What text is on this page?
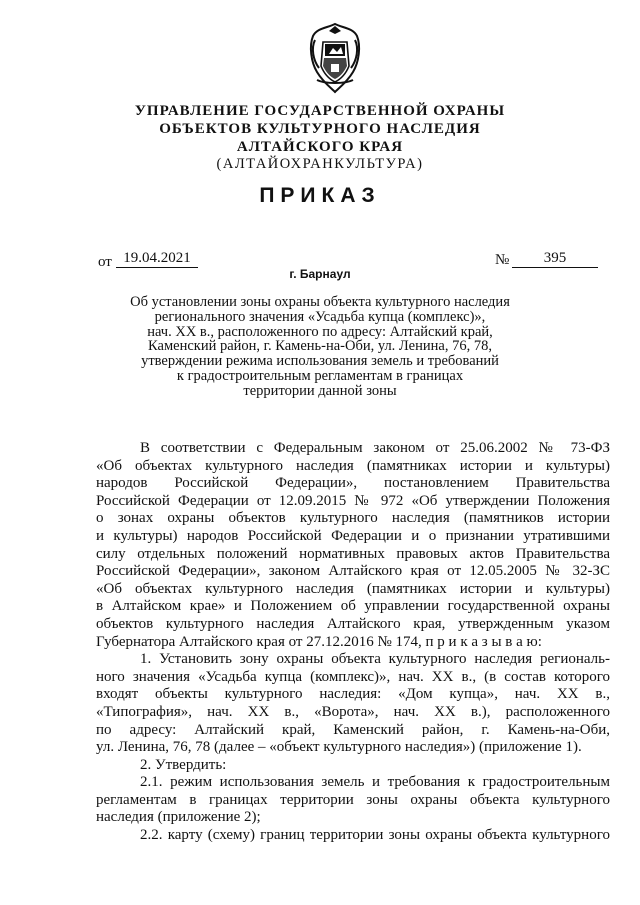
УПРАВЛЕНИЕ ГОСУДАРСТВЕННОЙ ОХРАНЫ
ОБЪЕКТОВ КУЛЬТУРНОГО НАСЛЕДИЯ
АЛТАЙСКОГО КРАЯ
(АЛТАЙОХРАНКУЛЬТУРА)
ПРИКАЗ
от 19.04.2021	№	395
г. Барнаул
Об установлении зоны охраны объекта культурного наследия
регионального значения «Усадьба купца (комплекс)»,
нач. XX в., расположенного по адресу: Алтайский край,
Каменский район, г. Камень-на-Оби, ул. Ленина, 76, 78,
утверждении режима использования земель и требований
к градостроительным регламентам в границах
территории данной зоны
В соответствии с Федеральным законом от 25.06.2002 № 73-ФЗ
«Об объектах культурного наследия (памятниках истории и культуры)
народов Российской Федерации», постановлением Правительства
Российской Федерации от 12.09.2015 № 972 «Об утверждении Положения
о зонах охраны объектов культурного наследия (памятников истории
и культуры) народов Российской Федерации и о признании утратившими
силу отдельных положений нормативных правовых актов Правительства
Российской Федерации», законом Алтайского края от 12.05.2005 № 32-ЗС
«Об объектах культурного наследия (памятниках истории и культуры)
в Алтайском крае» и Положением об управлении государственной охраны
объектов культурного наследия Алтайского края, утвержденным указом
Губернатора Алтайского края от 27.12.2016 № 174, п р и к а з ы в а ю:
1. Установить зону охраны объекта культурного наследия региональ-
ного значения «Усадьба купца (комплекс)», нач. XX в., (в состав которого
входят объекты культурного наследия: «Дом купца», нач. XX в.,
«Типография», нач. XX в., «Ворота», нач. XX в.), расположенного
по адресу: Алтайский край, Каменский район, г. Камень-на-Оби,
ул. Ленина, 76, 78 (далее – «объект культурного наследия») (приложение 1).
2. Утвердить:
2.1. режим использования земель и требования к градостроительным
регламентам в границах территории зоны охраны объекта культурного
наследия (приложение 2);
2.2. карту (схему) границ территории зоны охраны объекта культурного
